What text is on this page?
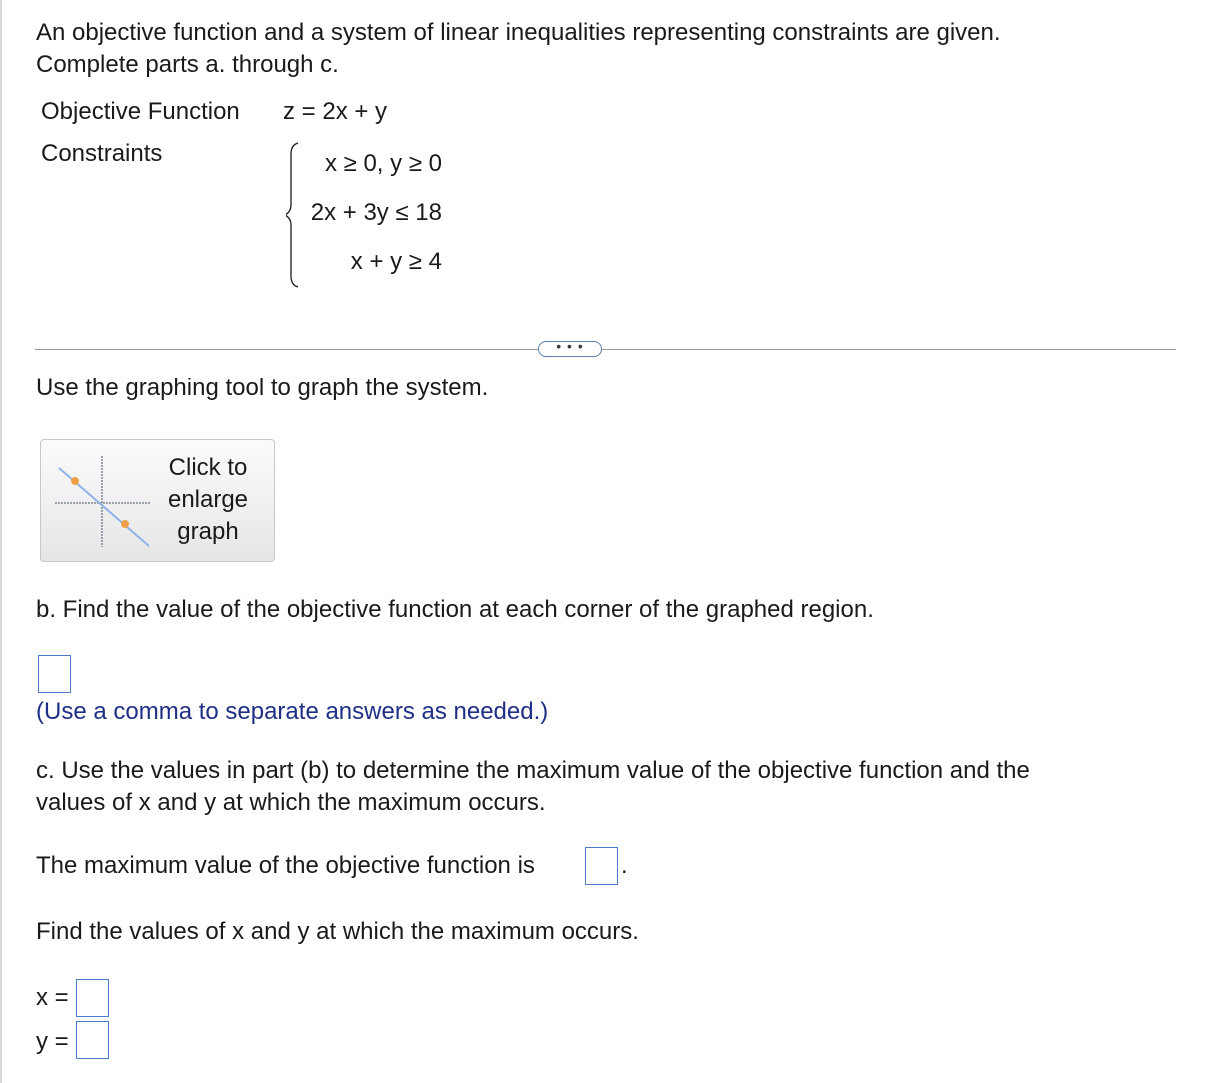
An objective function and a system of linear inequalities representing constraints are given.
Complete parts a. through c.
Objective Function z = 2x + y
Constraints	x ≥ 0, y ≥ 0
2x + 3y ≤ 18
x + y ≥ 4
• • •
Use the graphing tool to graph the system.
Click to
enlarge
graph
b. Find the value of the objective function at each corner of the graphed region.
(Use a comma to separate answers as needed.)
c. Use the values in part (b) to determine the maximum value of the objective function and the
values of x and y at which the maximum occurs.
The maximum value of the objective function is	.
Find the values of x and y at which the maximum occurs.
x =
y =
